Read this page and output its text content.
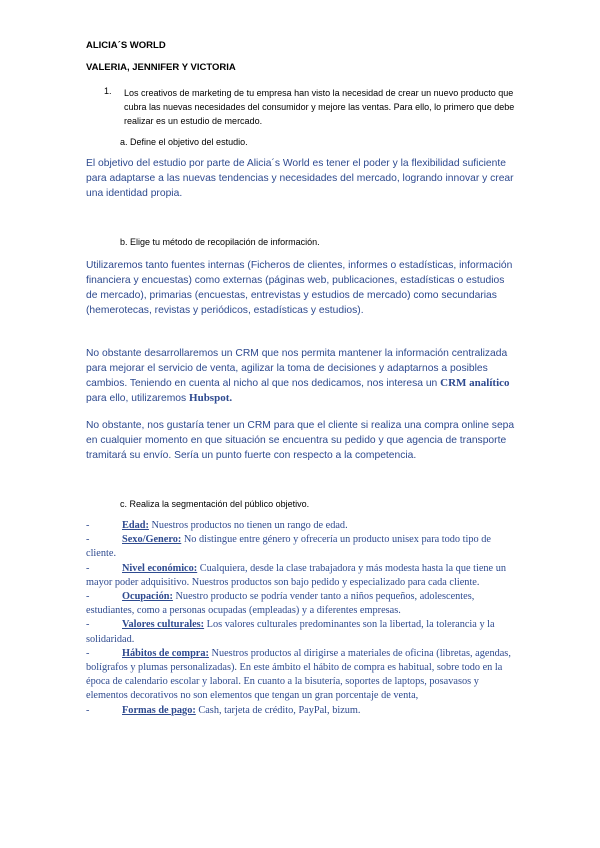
ALICIA´S WORLD
VALERIA, JENNIFER Y VICTORIA
1. Los creativos de marketing de tu empresa han visto la necesidad de crear un nuevo producto que cubra las nuevas necesidades del consumidor y mejore las ventas. Para ello, lo primero que debe realizar es un estudio de mercado.
a. Define el objetivo del estudio.
El objetivo del estudio por parte de Alicia´s World es tener el poder y la flexibilidad suficiente para adaptarse a las nuevas tendencias y necesidades del mercado, logrando innovar y crear una identidad propia.
b. Elige tu método de recopilación de información.
Utilizaremos tanto fuentes internas (Ficheros de clientes, informes o estadísticas, información financiera y encuestas) como externas (páginas web, publicaciones, estadísticas o estudios de mercado), primarias (encuestas, entrevistas y estudios de mercado) como secundarias (hemerotecas, revistas y periódicos, estadísticas y estudios).
No obstante desarrollaremos un CRM que nos permita mantener la información centralizada para mejorar el servicio de venta, agilizar la toma de decisiones y adaptarnos a posibles cambios. Teniendo en cuenta al nicho al que nos dedicamos, nos interesa un CRM analítico para ello, utilizaremos Hubspot.
No obstante, nos gustaría tener un CRM para que el cliente si realiza una compra online sepa en cualquier momento en que situación se encuentra su pedido y que agencia de transporte tramitará su envío. Sería un punto fuerte con respecto a la competencia.
c. Realiza la segmentación del público objetivo.
-	Edad: Nuestros productos no tienen un rango de edad.
-	Sexo/Genero: No distingue entre género y ofrecería un producto unisex para todo tipo de cliente.
-	Nivel económico: Cualquiera, desde la clase trabajadora y más modesta hasta la que tiene un mayor poder adquisitivo. Nuestros productos son bajo pedido y especializado para cada cliente.
-	Ocupación: Nuestro producto se podría vender tanto a niños pequeños, adolescentes, estudiantes, como a personas ocupadas (empleadas) y a diferentes empresas.
-	Valores culturales: Los valores culturales predominantes son la libertad, la tolerancia y la solidaridad.
-	Hábitos de compra: Nuestros productos al dirigirse a materiales de oficina (libretas, agendas, bolígrafos y plumas personalizadas). En este ámbito el hábito de compra es habitual, sobre todo en la época de calendario escolar y laboral. En cuanto a la bisutería, soportes de laptops, posavasos y elementos decorativos no son elementos que tengan un gran porcentaje de venta,
-	Formas de pago: Cash, tarjeta de crédito, PayPal, bizum.
